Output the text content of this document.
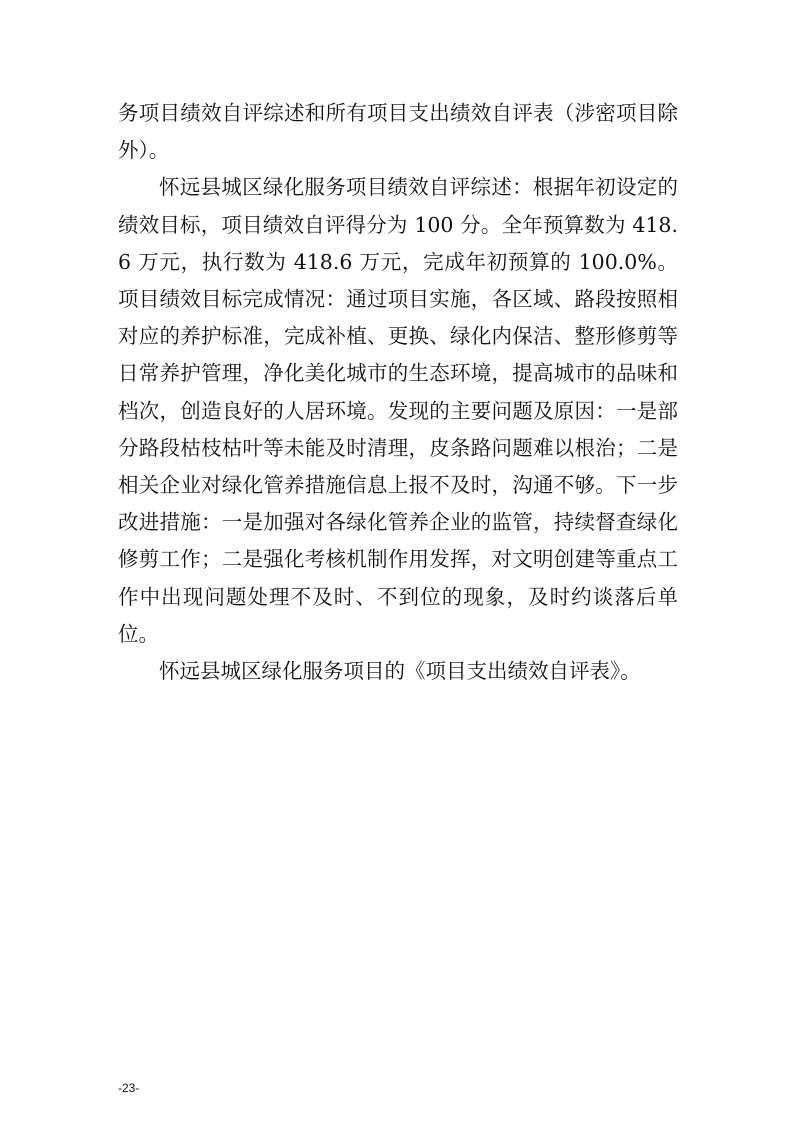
务项目绩效自评综述和所有项目支出绩效自评表（涉密项目除外）。

怀远县城区绿化服务项目绩效自评综述：根据年初设定的绩效目标，项目绩效自评得分为 100 分。全年预算数为 418.6 万元，执行数为 418.6 万元，完成年初预算的 100.0%。项目绩效目标完成情况：通过项目实施，各区域、路段按照相对应的养护标准，完成补植、更换、绿化内保洁、整形修剪等日常养护管理，净化美化城市的生态环境，提高城市的品味和档次，创造良好的人居环境。发现的主要问题及原因：一是部分路段枯枝枯叶等未能及时清理，皮条路问题难以根治；二是相关企业对绿化管养措施信息上报不及时，沟通不够。下一步改进措施：一是加强对各绿化管养企业的监管，持续督查绿化修剪工作；二是强化考核机制作用发挥，对文明创建等重点工作中出现问题处理不及时、不到位的现象，及时约谈落后单位。

怀远县城区绿化服务项目的《项目支出绩效自评表》。

-23-
